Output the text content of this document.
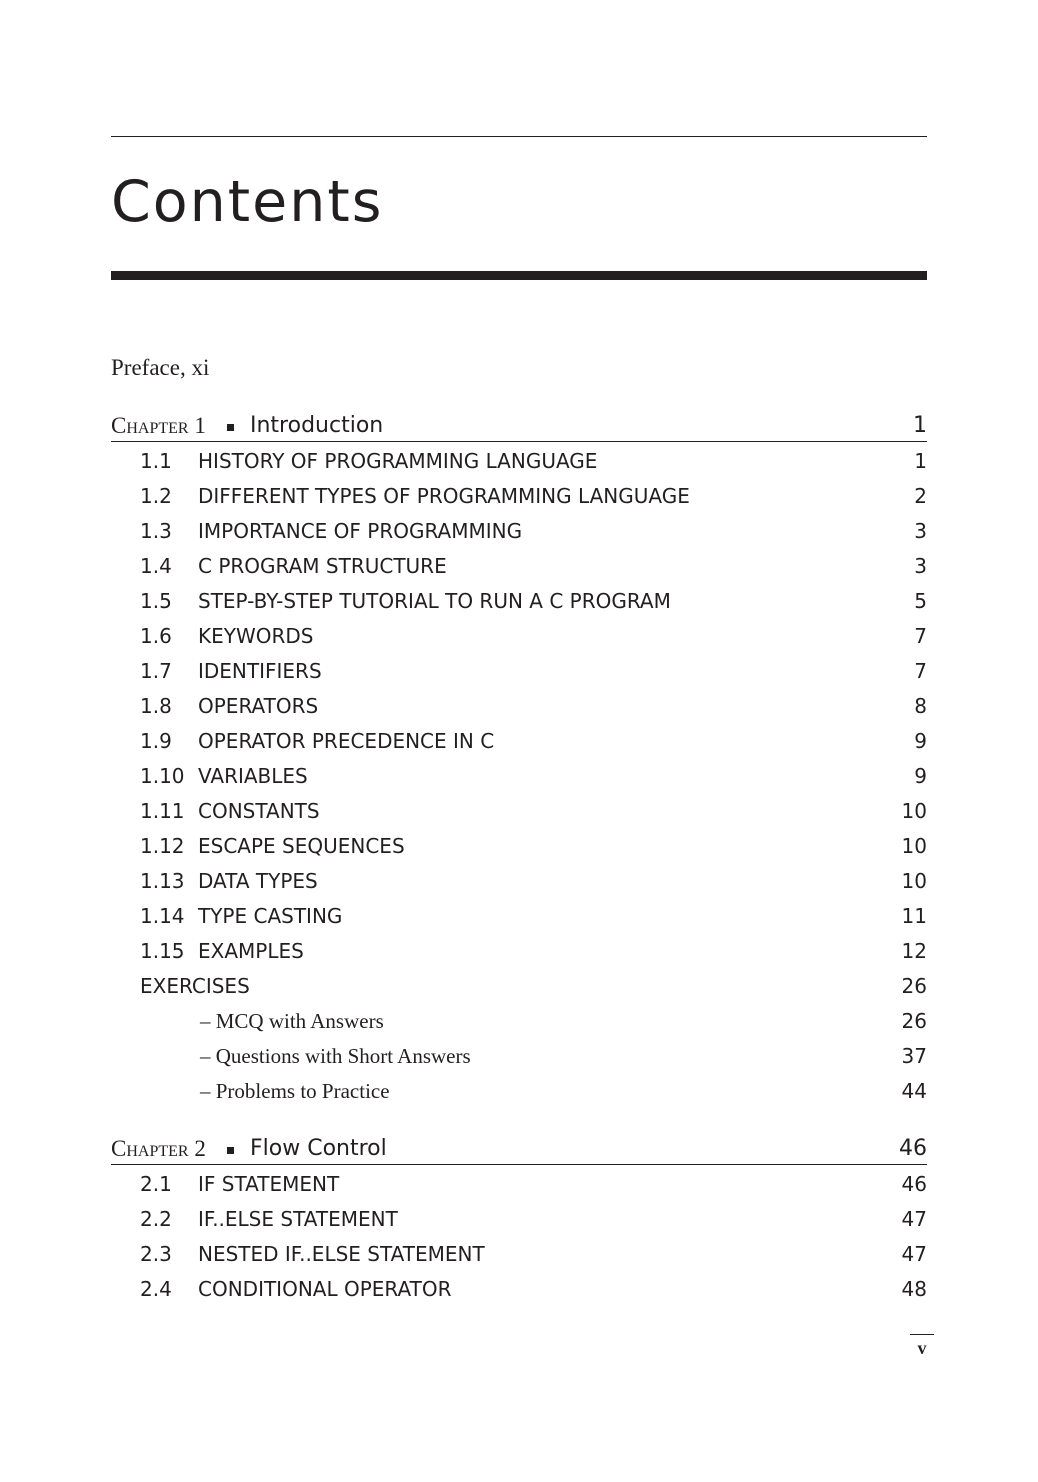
Contents
Preface, xi
Chapter 1 Introduction	1
1.1 HISTORY OF PROGRAMMING LANGUAGE	1
1.2 DIFFERENT TYPES OF PROGRAMMING LANGUAGE	2
1.3 IMPORTANCE OF PROGRAMMING	3
1.4 C PROGRAM STRUCTURE	3
1.5 STEP-BY-STEP TUTORIAL TO RUN A C PROGRAM	5
1.6 KEYWORDS	7
1.7 IDENTIFIERS	7
1.8 OPERATORS	8
1.9 OPERATOR PRECEDENCE IN C	9
1.10 VARIABLES	9
1.11 CONSTANTS	10
1.12 ESCAPE SEQUENCES	10
1.13 DATA TYPES	10
1.14 TYPE CASTING	11
1.15 EXAMPLES	12
EXERCISES	26
– MCQ with Answers	26
– Questions with Short Answers	37
– Problems to Practice	44
Chapter 2 Flow Control	46
2.1 IF STATEMENT	46
2.2 IF..ELSE STATEMENT	47
2.3 NESTED IF..ELSE STATEMENT	47
2.4 CONDITIONAL OPERATOR	48
v
